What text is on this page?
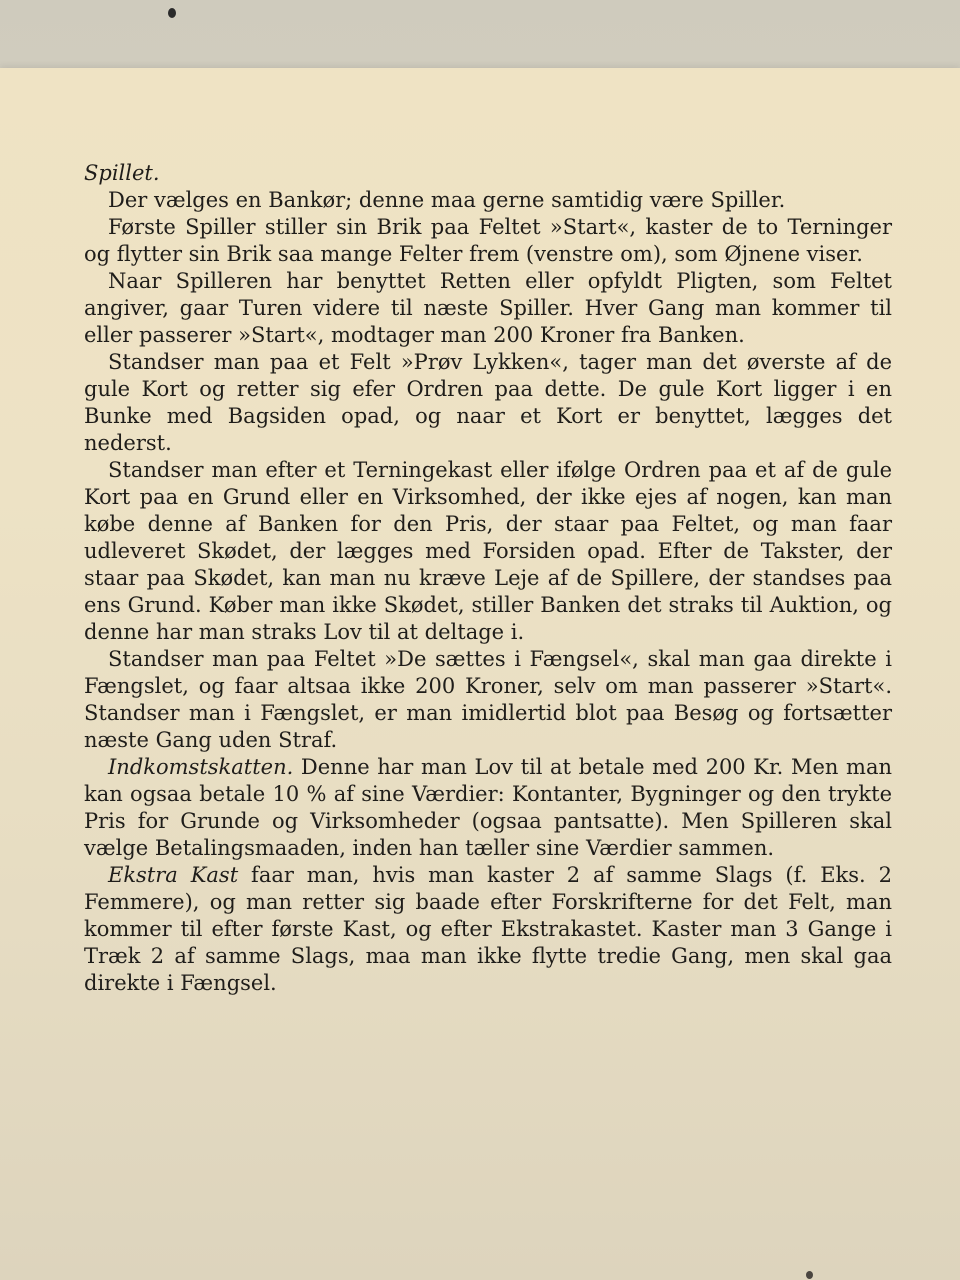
Spillet.

Der vælges en Bankør; denne maa gerne samtidig være Spiller.

Første Spiller stiller sin Brik paa Feltet »Start«, kaster de to Terninger og flytter sin Brik saa mange Felter frem (venstre om), som Øjnene viser.

Naar Spilleren har benyttet Retten eller opfyldt Pligten, som Feltet angiver, gaar Turen videre til næste Spiller. Hver Gang man kommer til eller passerer »Start«, modtager man 200 Kroner fra Banken.

Standser man paa et Felt »Prøv Lykken«, tager man det øverste af de gule Kort og retter sig efer Ordren paa dette. De gule Kort ligger i en Bunke med Bagsiden opad, og naar et Kort er benyttet, lægges det nederst.

Standser man efter et Terningekast eller ifølge Ordren paa et af de gule Kort paa en Grund eller en Virksomhed, der ikke ejes af nogen, kan man købe denne af Banken for den Pris, der staar paa Feltet, og man faar udleveret Skødet, der lægges med Forsiden opad. Efter de Takster, der staar paa Skødet, kan man nu kræve Leje af de Spillere, der standses paa ens Grund. Køber man ikke Skødet, stiller Banken det straks til Auktion, og denne har man straks Lov til at deltage i.

Standser man paa Feltet »De sættes i Fængsel«, skal man gaa direkte i Fængslet, og faar altsaa ikke 200 Kroner, selv om man passerer »Start«. Standser man i Fængslet, er man imidlertid blot paa Besøg og fortsætter næste Gang uden Straf.

Indkomstskatten. Denne har man Lov til at betale med 200 Kr. Men man kan ogsaa betale 10 % af sine Værdier: Kontanter, Bygninger og den trykte Pris for Grunde og Virksomheder (ogsaa pantsatte). Men Spilleren skal vælge Betalingsmaaden, inden han tæller sine Værdier sammen.

Ekstra Kast faar man, hvis man kaster 2 af samme Slags (f. Eks. 2 Femmere), og man retter sig baade efter Forskrifterne for det Felt, man kommer til efter første Kast, og efter Ekstrakastet. Kaster man 3 Gange i Træk 2 af samme Slags, maa man ikke flytte tredie Gang, men skal gaa direkte i Fængsel.
